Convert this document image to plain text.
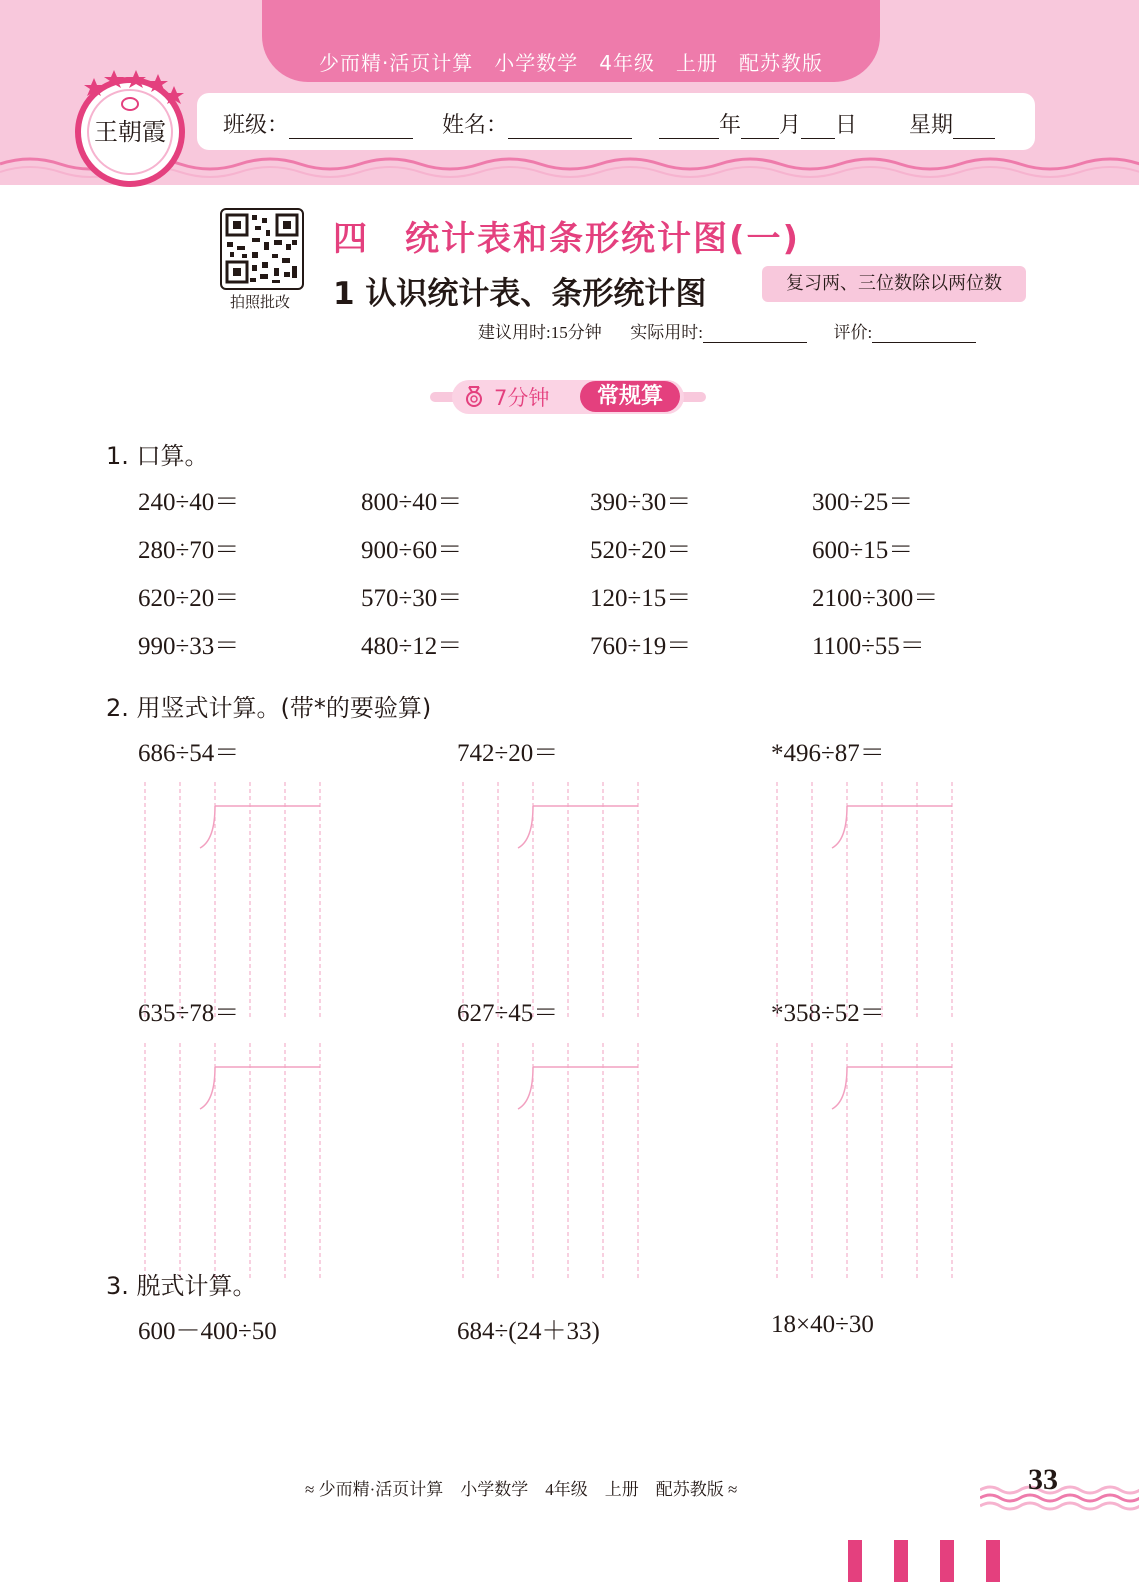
少而精·活页计算　小学数学　4年级　上册　配苏教版
班级：	姓名：	年 月 日 星期
王朝霞
拍照批改
四　统计表和条形统计图(一)
1 认识统计表、条形统计图	复习两、三位数除以两位数
建议用时:15分钟 实际用时:	评价:
7分钟	常规算
1. 口算。
240÷40＝	800÷40＝	390÷30＝	300÷25＝
280÷70＝	900÷60＝	520÷20＝	600÷15＝
620÷20＝	570÷30＝	120÷15＝	2100÷300＝
990÷33＝	480÷12＝	760÷19＝	1100÷55＝
2. 用竖式计算。(带*的要验算)
686÷54＝	742÷20＝	*496÷87＝
635÷78＝	627÷45＝	*358÷52＝
3. 脱式计算。
600－400÷50	684÷(24＋33)	18×40÷30
≈ 少而精·活页计算　小学数学　4年级　上册　配苏教版 ≈	33
